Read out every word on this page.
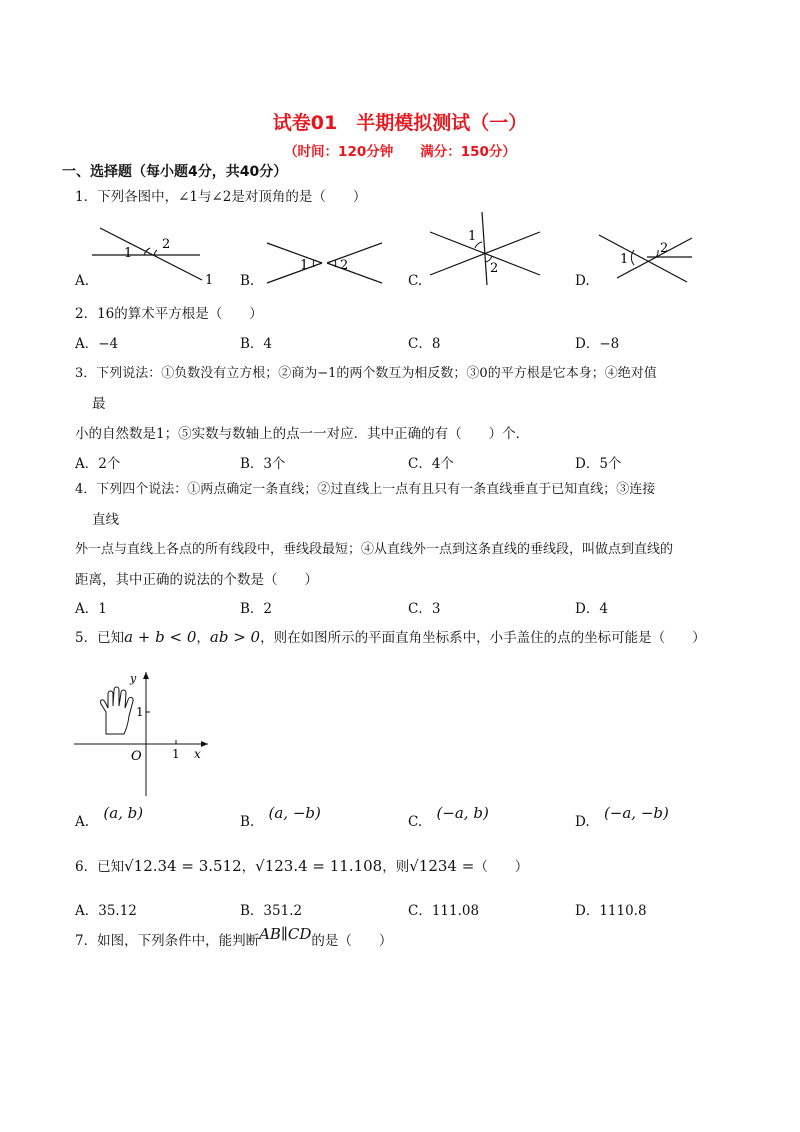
试卷01　半期模拟测试（一）
（时间：120分钟　　满分：150分）
一、选择题（每小题4分，共40分）
1．下列各图中，∠1与∠2是对顶角的是（　　）
1
2
1
1 2
1
2
1
2
A.	B.	C.	D.
2．16的算术平方根是（　　）
A．−4	B．4	C．8	D．−8
3．下列说法：①负数没有立方根；②商为−1的两个数互为相反数；③0的平方根是它本身；④绝对值
最
小的自然数是1；⑤实数与数轴上的点一一对应．其中正确的有（　　）个．
A．2个	B．3个	C．4个	D．5个
4．下列四个说法：①两点确定一条直线；②过直线上一点有且只有一条直线垂直于已知直线；③连接
直线
外一点与直线上各点的所有线段中，垂线段最短；④从直线外一点到这条直线的垂线段，叫做点到直线的
距离，其中正确的说法的个数是（　　）
A．1	B．2	C．3	D．4
5．已知a + b < 0，ab > 0，则在如图所示的平面直角坐标系中，小手盖住的点的坐标可能是（　　）
y
x
O	1
1
A. (a, b)	B. (a, −b)	C. (−a, b)	D. (−a, −b)
6．已知√12.34 = 3.512，√123.4 = 11.108，则√1234 =（　　）
A．35.12	B．351.2	C．111.08	D．1110.8
7．如图，下列条件中，能判断AB∥CD的是（　　）
